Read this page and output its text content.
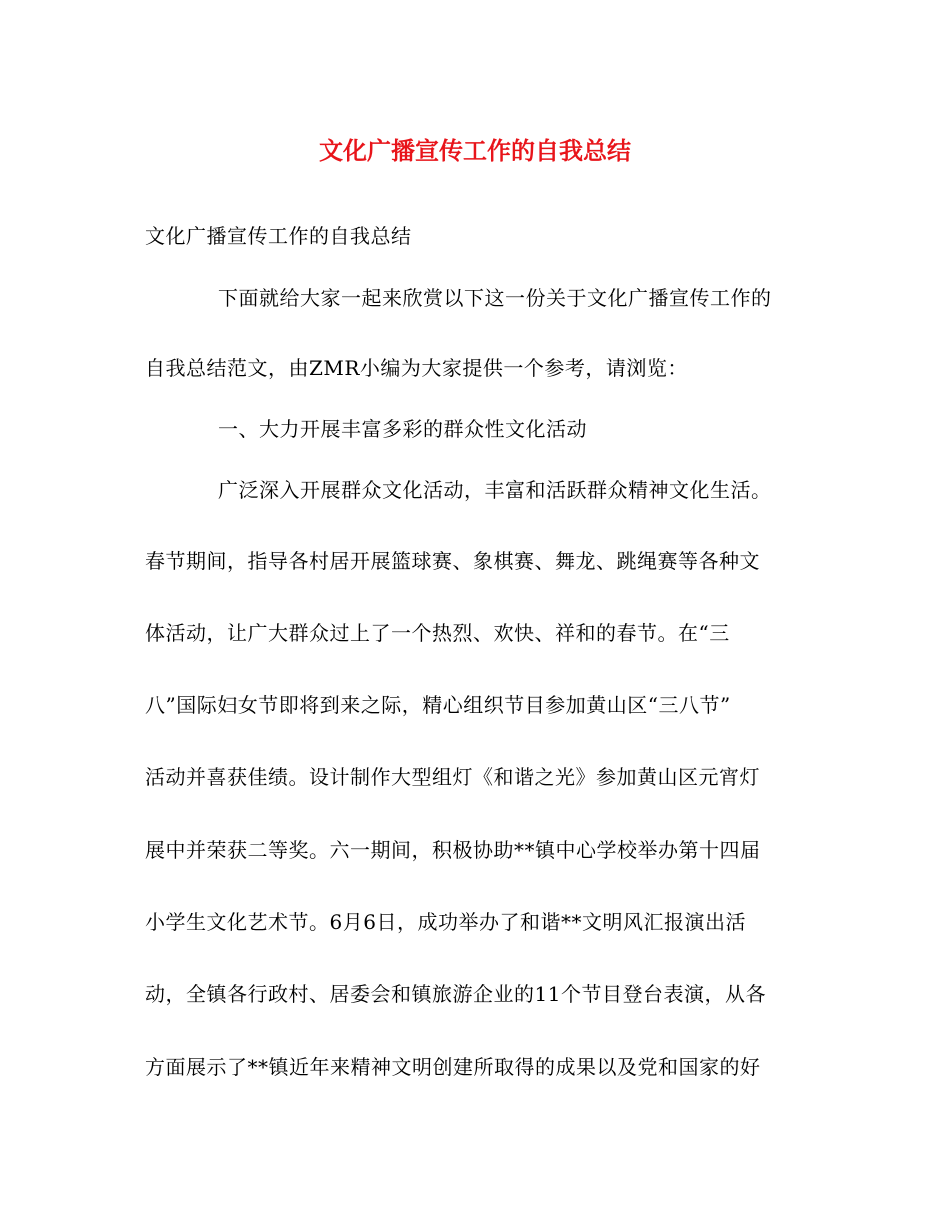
文化广播宣传工作的自我总结
文化广播宣传工作的自我总结
下面就给大家一起来欣赏以下这一份关于文化广播宣传工作的
自我总结范文，由ZMR小编为大家提供一个参考，请浏览：
一、大力开展丰富多彩的群众性文化活动
广泛深入开展群众文化活动，丰富和活跃群众精神文化生活。
春节期间，指导各村居开展篮球赛、象棋赛、舞龙、跳绳赛等各种文
体活动，让广大群众过上了一个热烈、欢快、祥和的春节。在“三
八”国际妇女节即将到来之际，精心组织节目参加黄山区“三八节”
活动并喜获佳绩。设计制作大型组灯《和谐之光》参加黄山区元宵灯
展中并荣获二等奖。六一期间，积极协助**镇中心学校举办第十四届
小学生文化艺术节。6月6日，成功举办了和谐**文明风汇报演出活
动，全镇各行政村、居委会和镇旅游企业的11个节目登台表演，从各
方面展示了**镇近年来精神文明创建所取得的成果以及党和国家的好
